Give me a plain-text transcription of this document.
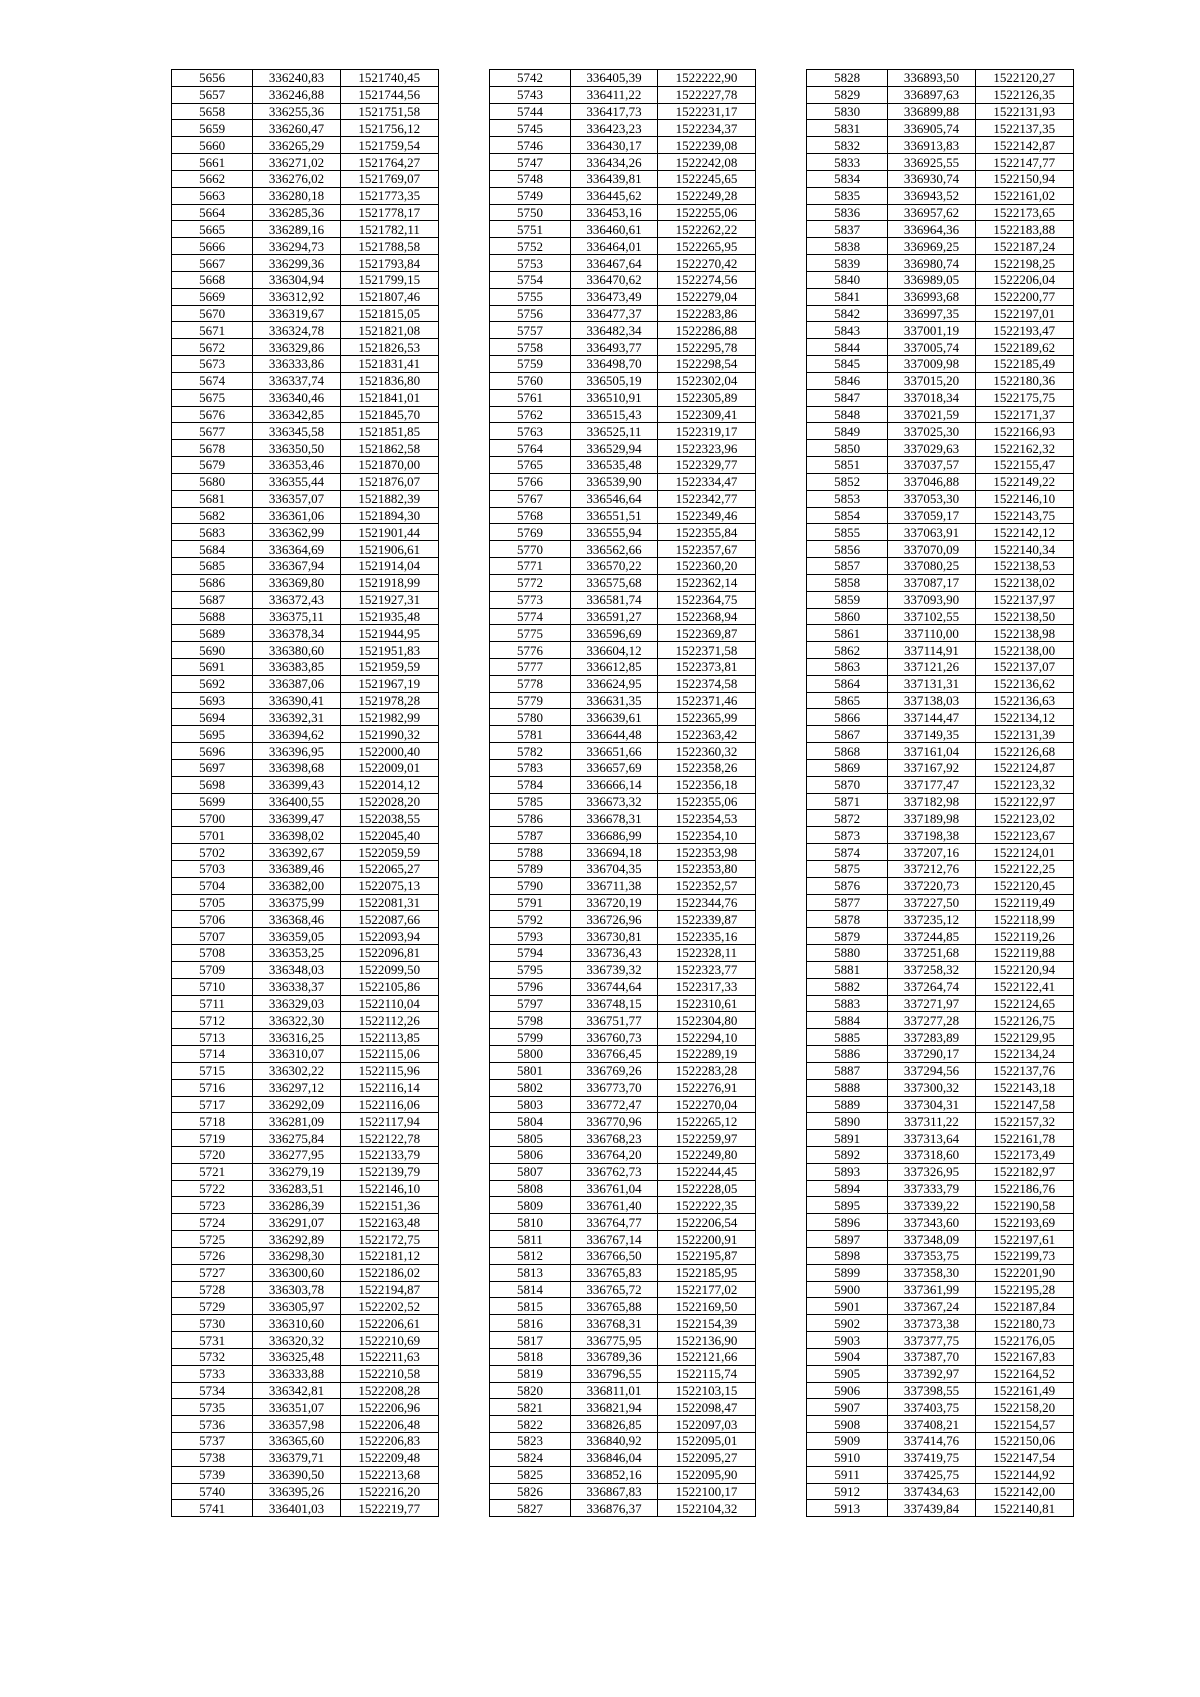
5656	336240,83	1521740,45
5657	336246,88	1521744,56
5658	336255,36	1521751,58
5659	336260,47	1521756,12
5660	336265,29	1521759,54
5661	336271,02	1521764,27
5662	336276,02	1521769,07
5663	336280,18	1521773,35
5664	336285,36	1521778,17
5665	336289,16	1521782,11
5666	336294,73	1521788,58
5667	336299,36	1521793,84
5668	336304,94	1521799,15
5669	336312,92	1521807,46
5670	336319,67	1521815,05
5671	336324,78	1521821,08
5672	336329,86	1521826,53
5673	336333,86	1521831,41
5674	336337,74	1521836,80
5675	336340,46	1521841,01
5676	336342,85	1521845,70
5677	336345,58	1521851,85
5678	336350,50	1521862,58
5679	336353,46	1521870,00
5680	336355,44	1521876,07
5681	336357,07	1521882,39
5682	336361,06	1521894,30
5683	336362,99	1521901,44
5684	336364,69	1521906,61
5685	336367,94	1521914,04
5686	336369,80	1521918,99
5687	336372,43	1521927,31
5688	336375,11	1521935,48
5689	336378,34	1521944,95
5690	336380,60	1521951,83
5691	336383,85	1521959,59
5692	336387,06	1521967,19
5693	336390,41	1521978,28
5694	336392,31	1521982,99
5695	336394,62	1521990,32
5696	336396,95	1522000,40
5697	336398,68	1522009,01
5698	336399,43	1522014,12
5699	336400,55	1522028,20
5700	336399,47	1522038,55
5701	336398,02	1522045,40
5702	336392,67	1522059,59
5703	336389,46	1522065,27
5704	336382,00	1522075,13
5705	336375,99	1522081,31
5706	336368,46	1522087,66
5707	336359,05	1522093,94
5708	336353,25	1522096,81
5709	336348,03	1522099,50
5710	336338,37	1522105,86
5711	336329,03	1522110,04
5712	336322,30	1522112,26
5713	336316,25	1522113,85
5714	336310,07	1522115,06
5715	336302,22	1522115,96
5716	336297,12	1522116,14
5717	336292,09	1522116,06
5718	336281,09	1522117,94
5719	336275,84	1522122,78
5720	336277,95	1522133,79
5721	336279,19	1522139,79
5722	336283,51	1522146,10
5723	336286,39	1522151,36
5724	336291,07	1522163,48
5725	336292,89	1522172,75
5726	336298,30	1522181,12
5727	336300,60	1522186,02
5728	336303,78	1522194,87
5729	336305,97	1522202,52
5730	336310,60	1522206,61
5731	336320,32	1522210,69
5732	336325,48	1522211,63
5733	336333,88	1522210,58
5734	336342,81	1522208,28
5735	336351,07	1522206,96
5736	336357,98	1522206,48
5737	336365,60	1522206,83
5738	336379,71	1522209,48
5739	336390,50	1522213,68
5740	336395,26	1522216,20
5741	336401,03	1522219,77
5742	336405,39	1522222,90
5743	336411,22	1522227,78
5744	336417,73	1522231,17
5745	336423,23	1522234,37
5746	336430,17	1522239,08
5747	336434,26	1522242,08
5748	336439,81	1522245,65
5749	336445,62	1522249,28
5750	336453,16	1522255,06
5751	336460,61	1522262,22
5752	336464,01	1522265,95
5753	336467,64	1522270,42
5754	336470,62	1522274,56
5755	336473,49	1522279,04
5756	336477,37	1522283,86
5757	336482,34	1522286,88
5758	336493,77	1522295,78
5759	336498,70	1522298,54
5760	336505,19	1522302,04
5761	336510,91	1522305,89
5762	336515,43	1522309,41
5763	336525,11	1522319,17
5764	336529,94	1522323,96
5765	336535,48	1522329,77
5766	336539,90	1522334,47
5767	336546,64	1522342,77
5768	336551,51	1522349,46
5769	336555,94	1522355,84
5770	336562,66	1522357,67
5771	336570,22	1522360,20
5772	336575,68	1522362,14
5773	336581,74	1522364,75
5774	336591,27	1522368,94
5775	336596,69	1522369,87
5776	336604,12	1522371,58
5777	336612,85	1522373,81
5778	336624,95	1522374,58
5779	336631,35	1522371,46
5780	336639,61	1522365,99
5781	336644,48	1522363,42
5782	336651,66	1522360,32
5783	336657,69	1522358,26
5784	336666,14	1522356,18
5785	336673,32	1522355,06
5786	336678,31	1522354,53
5787	336686,99	1522354,10
5788	336694,18	1522353,98
5789	336704,35	1522353,80
5790	336711,38	1522352,57
5791	336720,19	1522344,76
5792	336726,96	1522339,87
5793	336730,81	1522335,16
5794	336736,43	1522328,11
5795	336739,32	1522323,77
5796	336744,64	1522317,33
5797	336748,15	1522310,61
5798	336751,77	1522304,80
5799	336760,73	1522294,10
5800	336766,45	1522289,19
5801	336769,26	1522283,28
5802	336773,70	1522276,91
5803	336772,47	1522270,04
5804	336770,96	1522265,12
5805	336768,23	1522259,97
5806	336764,20	1522249,80
5807	336762,73	1522244,45
5808	336761,04	1522228,05
5809	336761,40	1522222,35
5810	336764,77	1522206,54
5811	336767,14	1522200,91
5812	336766,50	1522195,87
5813	336765,83	1522185,95
5814	336765,72	1522177,02
5815	336765,88	1522169,50
5816	336768,31	1522154,39
5817	336775,95	1522136,90
5818	336789,36	1522121,66
5819	336796,55	1522115,74
5820	336811,01	1522103,15
5821	336821,94	1522098,47
5822	336826,85	1522097,03
5823	336840,92	1522095,01
5824	336846,04	1522095,27
5825	336852,16	1522095,90
5826	336867,83	1522100,17
5827	336876,37	1522104,32
5828	336893,50	1522120,27
5829	336897,63	1522126,35
5830	336899,88	1522131,93
5831	336905,74	1522137,35
5832	336913,83	1522142,87
5833	336925,55	1522147,77
5834	336930,74	1522150,94
5835	336943,52	1522161,02
5836	336957,62	1522173,65
5837	336964,36	1522183,88
5838	336969,25	1522187,24
5839	336980,74	1522198,25
5840	336989,05	1522206,04
5841	336993,68	1522200,77
5842	336997,35	1522197,01
5843	337001,19	1522193,47
5844	337005,74	1522189,62
5845	337009,98	1522185,49
5846	337015,20	1522180,36
5847	337018,34	1522175,75
5848	337021,59	1522171,37
5849	337025,30	1522166,93
5850	337029,63	1522162,32
5851	337037,57	1522155,47
5852	337046,88	1522149,22
5853	337053,30	1522146,10
5854	337059,17	1522143,75
5855	337063,91	1522142,12
5856	337070,09	1522140,34
5857	337080,25	1522138,53
5858	337087,17	1522138,02
5859	337093,90	1522137,97
5860	337102,55	1522138,50
5861	337110,00	1522138,98
5862	337114,91	1522138,00
5863	337121,26	1522137,07
5864	337131,31	1522136,62
5865	337138,03	1522136,63
5866	337144,47	1522134,12
5867	337149,35	1522131,39
5868	337161,04	1522126,68
5869	337167,92	1522124,87
5870	337177,47	1522123,32
5871	337182,98	1522122,97
5872	337189,98	1522123,02
5873	337198,38	1522123,67
5874	337207,16	1522124,01
5875	337212,76	1522122,25
5876	337220,73	1522120,45
5877	337227,50	1522119,49
5878	337235,12	1522118,99
5879	337244,85	1522119,26
5880	337251,68	1522119,88
5881	337258,32	1522120,94
5882	337264,74	1522122,41
5883	337271,97	1522124,65
5884	337277,28	1522126,75
5885	337283,89	1522129,95
5886	337290,17	1522134,24
5887	337294,56	1522137,76
5888	337300,32	1522143,18
5889	337304,31	1522147,58
5890	337311,22	1522157,32
5891	337313,64	1522161,78
5892	337318,60	1522173,49
5893	337326,95	1522182,97
5894	337333,79	1522186,76
5895	337339,22	1522190,58
5896	337343,60	1522193,69
5897	337348,09	1522197,61
5898	337353,75	1522199,73
5899	337358,30	1522201,90
5900	337361,99	1522195,28
5901	337367,24	1522187,84
5902	337373,38	1522180,73
5903	337377,75	1522176,05
5904	337387,70	1522167,83
5905	337392,97	1522164,52
5906	337398,55	1522161,49
5907	337403,75	1522158,20
5908	337408,21	1522154,57
5909	337414,76	1522150,06
5910	337419,75	1522147,54
5911	337425,75	1522144,92
5912	337434,63	1522142,00
5913	337439,84	1522140,81
